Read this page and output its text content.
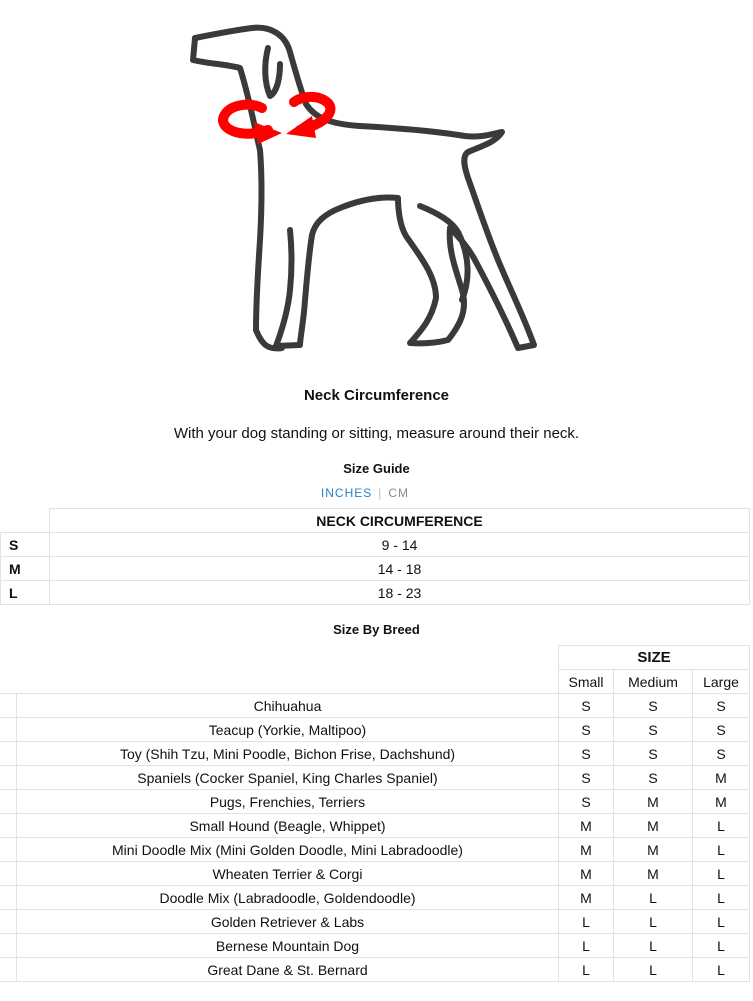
Neck Circumference
With your dog standing or sitting, measure around their neck.
Size Guide
INCHES | CM
	NECK CIRCUMFERENCE
S	9 - 14
M	14 - 18
L	18 - 23
Size By Breed
		SIZE		
		Small	Medium	Large
	Chihuahua	S	S	S
	Teacup (Yorkie, Maltipoo)	S	S	S
	Toy (Shih Tzu, Mini Poodle, Bichon Frise, Dachshund)	S	S	S
	Spaniels (Cocker Spaniel, King Charles Spaniel)	S	S	M
	Pugs, Frenchies, Terriers	S	M	M
	Small Hound (Beagle, Whippet)	M	M	L
	Mini Doodle Mix (Mini Golden Doodle, Mini Labradoodle)	M	M	L
	Wheaten Terrier & Corgi	M	M	L
	Doodle Mix (Labradoodle, Goldendoodle)	M	L	L
	Golden Retriever & Labs	L	L	L
	Bernese Mountain Dog	L	L	L
	Great Dane & St. Bernard	L	L	L
